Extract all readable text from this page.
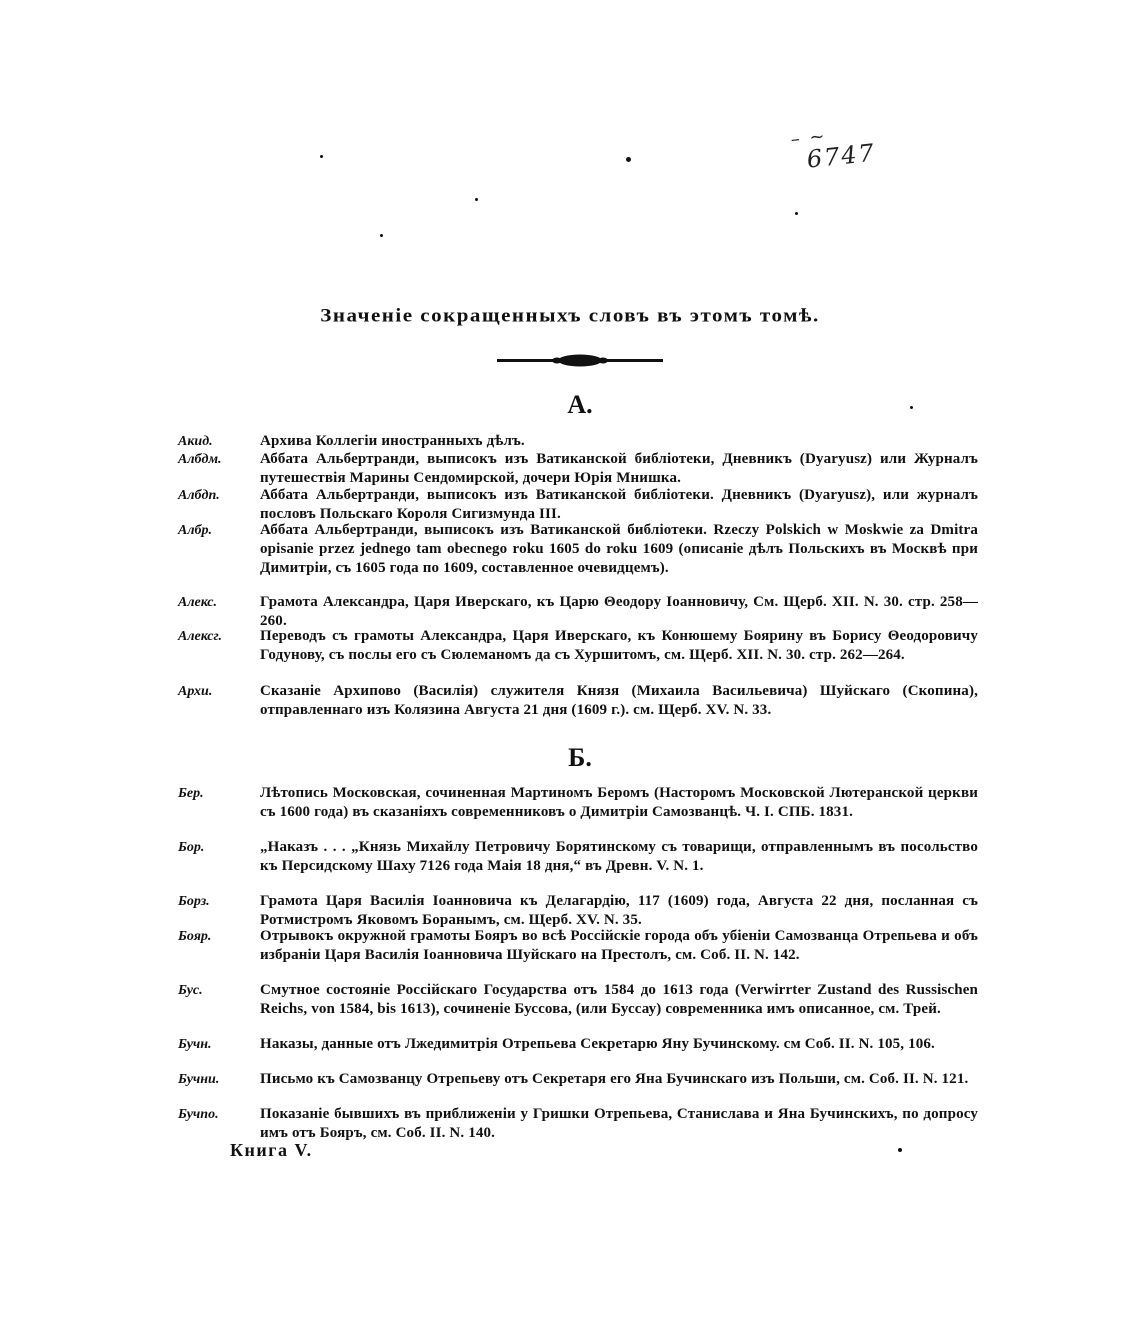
– ~
6747
Значенiе сокращенныхъ словъ въ этомъ томѣ.
А.
Акид.	Архива Коллегiи иностранныхъ дѣлъ.
Албдм.	Аббата Альбертранди, выписокъ изъ Ватиканской библiотеки, Дневникъ (Dyaryusz) или Журналъ путешествiя Марины Сендомирской, дочери Юрiя Мнишка.
Албдп.	Аббата Альбертранди, выписокъ изъ Ватиканской библiотеки. Дневникъ (Dyaryusz), или журналъ пословъ Польскаго Короля Сигизмунда III.
Албр.	Аббата Альбертранди, выписокъ изъ Ватиканской библiотеки. Rzeczy Polskich w Moskwie za Dmitra opisanie przez jednego tam obecnego roku 1605 do roku 1609 (описанiе дѣлъ Польскихъ въ Москвѣ при Димитрiи, съ 1605 года по 1609, составленное очевидцемъ).
Алекс.	Грамота Александра, Царя Иверскаго, къ Царю Θеодору Iоанновичу, См. Щерб. XII. N. 30. стр. 258—260.
Алексг.	Переводъ съ грамоты Александра, Царя Иверскаго, къ Конюшему Боярину въ Борису Θеодоровичу Годунову, съ послы его съ Сюлеманомъ да съ Хуршитомъ, см. Щерб. XII. N. 30. стр. 262—264.
Архи.	Сказанiе Архипово (Василiя) служителя Князя (Михаила Васильевича) Шуйскаго (Скопина), отправленнаго изъ Колязина Августа 21 дня (1609 г.). см. Щерб. XV. N. 33.
Б.
Бер.	Лѣтопись Московская, сочиненная Мартиномъ Беромъ (Насторомъ Московской Лютеранской церкви съ 1600 года) въ сказанiяхъ современниковъ о Димитрiи Самозванцѣ. Ч. I. СПБ. 1831.
Бор.	„Наказъ . . . „Князь Михайлу Петровичу Борятинскому съ товарищи, отправленнымъ въ посольство къ Персидскому Шаху 7126 года Маiя 18 дня,“ въ Древн. V. N. 1.
Борз.	Грамота Царя Василiя Iоанновича къ Делагардiю, 117 (1609) года, Августа 22 дня, посланная съ Ротмистромъ Яковомъ Боранымъ, см. Щерб. XV. N. 35.
Бояр.	Отрывокъ окружной грамоты Бояръ во всѣ Россiйскiе города объ убiенiи Самозванца Отрепьева и объ избранiи Царя Василiя Iоанновича Шуйскаго на Престолъ, см. Соб. II. N. 142.
Бус.	Смутное состоянiе Россiйскаго Государства отъ 1584 до 1613 года (Verwirrter Zustand des Russischen Reichs, von 1584, bis 1613), сочиненiе Буссова, (или Буссау) современника имъ описанное, см. Трей.
Бучн.	Наказы, данные отъ Лжедимитрiя Отрепьева Секретарю Яну Бучинскому. см Соб. II. N. 105, 106.
Бучни.	Письмо къ Самозванцу Отрепьеву отъ Секретаря его Яна Бучинскаго изъ Польши, см. Соб. II. N. 121.
Бучпо.	Показанiе бывшихъ въ приближенiи у Гришки Отрепьева, Станислава и Яна Бучинскихъ, по допросу имъ отъ Бояръ, см. Соб. II. N. 140.
Книга V.
